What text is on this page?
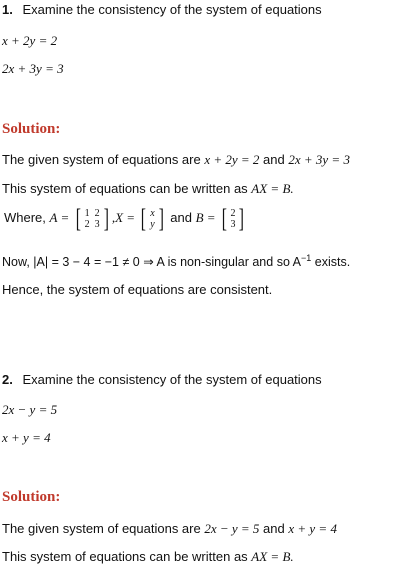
1. Examine the consistency of the system of equations
x + 2y = 2
2x + 3y = 3
Solution:
The given system of equations are x + 2y = 2 and 2x + 3y = 3
This system of equations can be written as AX = B.
Where, A = [ 1 2
2 3 ] ,X = [ x
y ] and B = [ 2
3 ]
Now, |A| = 3 − 4 = −1 ≠ 0 ⇒ A is non-singular and so $A^{-1}$ exists.
Hence, the system of equations are consistent.
2. Examine the consistency of the system of equations
2x − y = 5
x + y = 4
Solution:
The given system of equations are 2x − y = 5 and x + y = 4
This system of equations can be written as AX = B.
